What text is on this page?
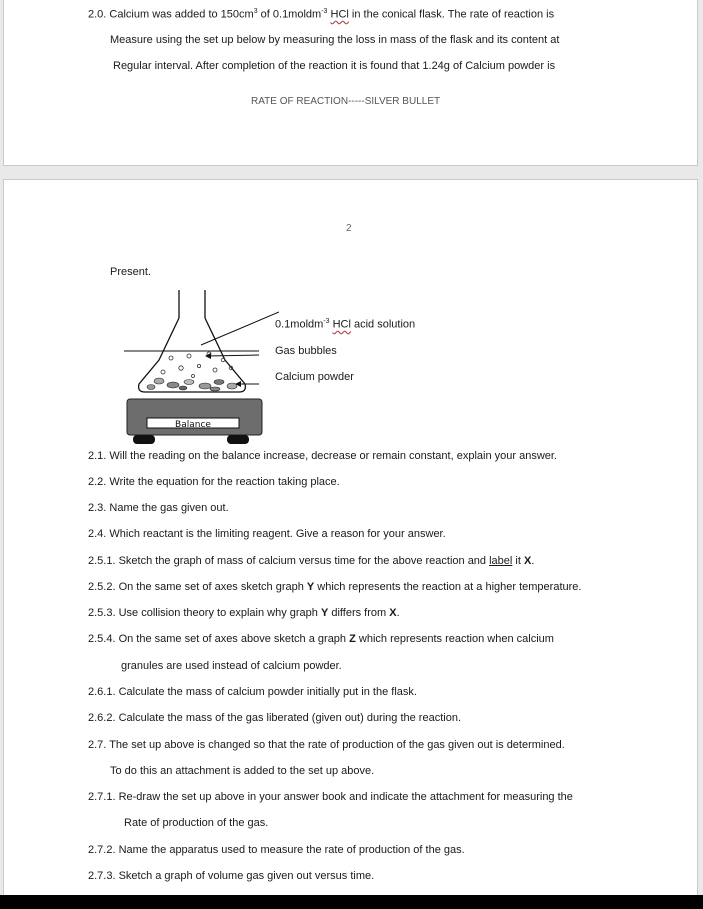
2.0. Calcium was added to $150cm^3$ of 0.1moldm$^{-3}$ HCl in the conical flask. The rate of reaction is
Measure using the set up below by measuring the loss in mass of the flask and its content at
Regular interval. After completion of the reaction it is found that 1.24g of Calcium powder is
RATE OF REACTION-----SILVER BULLET
2
Present.
Balance
0.1moldm$^{-3}$ HCl acid solution
Gas bubbles
Calcium powder
2.1. Will the reading on the balance increase, decrease or remain constant, explain your answer.
2.2. Write the equation for the reaction taking place.
2.3. Name the gas given out.
2.4. Which reactant is the limiting reagent. Give a reason for your answer.
2.5.1. Sketch the graph of mass of calcium versus time for the above reaction and label it X.
2.5.2. On the same set of axes sketch graph Y which represents the reaction at a higher temperature.
2.5.3. Use collision theory to explain why graph Y differs from X.
2.5.4. On the same set of axes above sketch a graph Z which represents reaction when calcium
granules are used instead of calcium powder.
2.6.1. Calculate the mass of calcium powder initially put in the flask.
2.6.2. Calculate the mass of the gas liberated (given out) during the reaction.
2.7. The set up above is changed so that the rate of production of the gas given out is determined.
To do this an attachment is added to the set up above.
2.7.1. Re-draw the set up above in your answer book and indicate the attachment for measuring the
Rate of production of the gas.
2.7.2. Name the apparatus used to measure the rate of production of the gas.
2.7.3. Sketch a graph of volume gas given out versus time.
